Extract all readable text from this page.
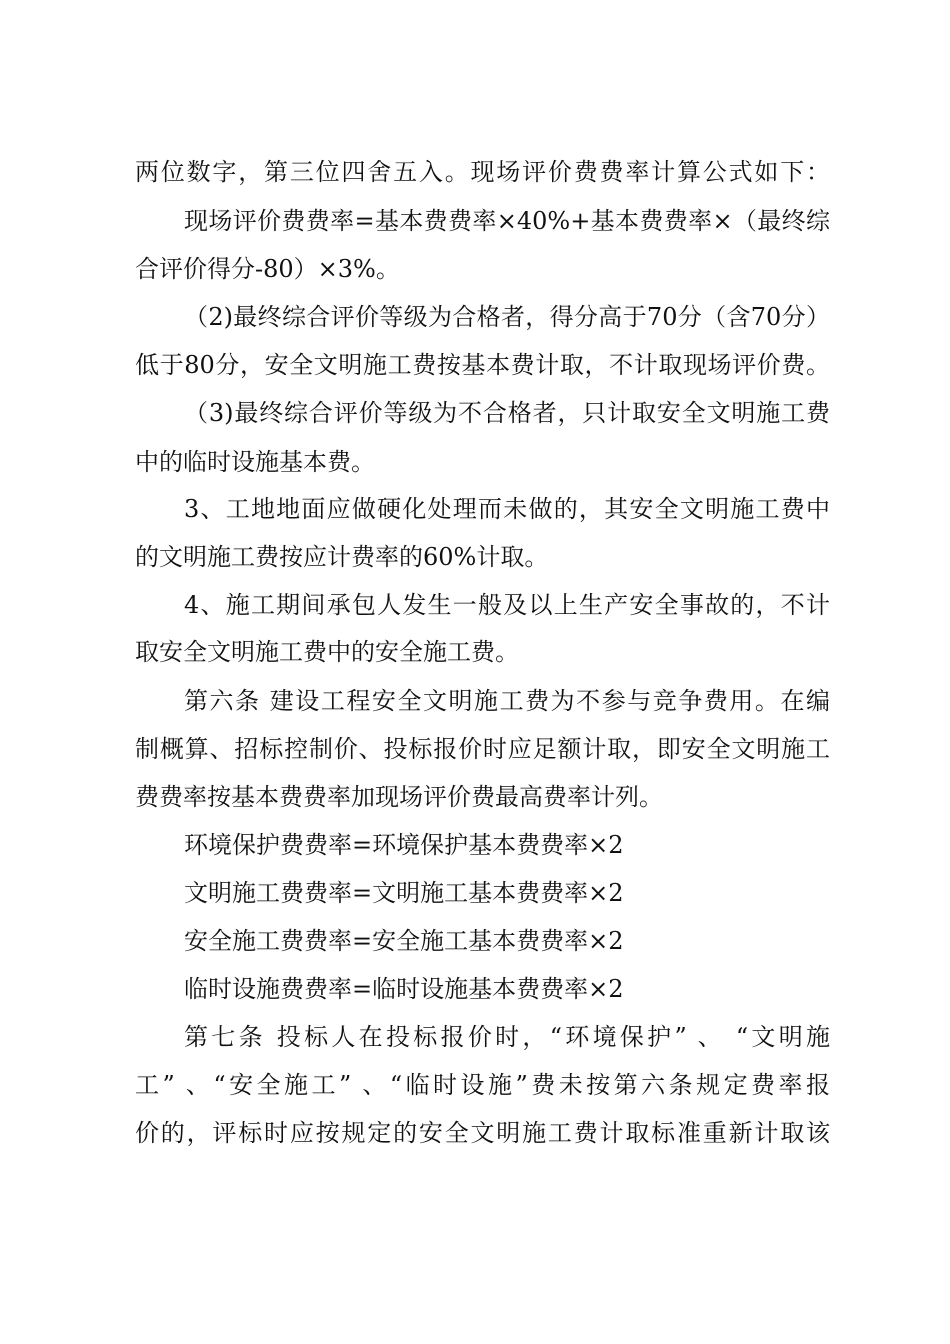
两位数字，第三位四舍五入。现场评价费费率计算公式如下：
现场评价费费率=基本费费率×40%+基本费费率×（最终综
合评价得分-80）×3%。
（2)最终综合评价等级为合格者，得分高于70分（含70分）
低于80分，安全文明施工费按基本费计取，不计取现场评价费。
（3)最终综合评价等级为不合格者，只计取安全文明施工费
中的临时设施基本费。
3、工地地面应做硬化处理而未做的，其安全文明施工费中
的文明施工费按应计费率的60%计取。
4、施工期间承包人发生一般及以上生产安全事故的，不计
取安全文明施工费中的安全施工费。
第六条 建设工程安全文明施工费为不参与竞争费用。在编
制概算、招标控制价、投标报价时应足额计取，即安全文明施工
费费率按基本费费率加现场评价费最高费率计列。
环境保护费费率=环境保护基本费费率×2
文明施工费费率=文明施工基本费费率×2
安全施工费费率=安全施工基本费费率×2
临时设施费费率=临时设施基本费费率×2
第七条 投标人在投标报价时，“环境保护” 、 “文明施
工” 、“安全施工” 、“临时设施”费未按第六条规定费率报
价的，评标时应按规定的安全文明施工费计取标准重新计取该
